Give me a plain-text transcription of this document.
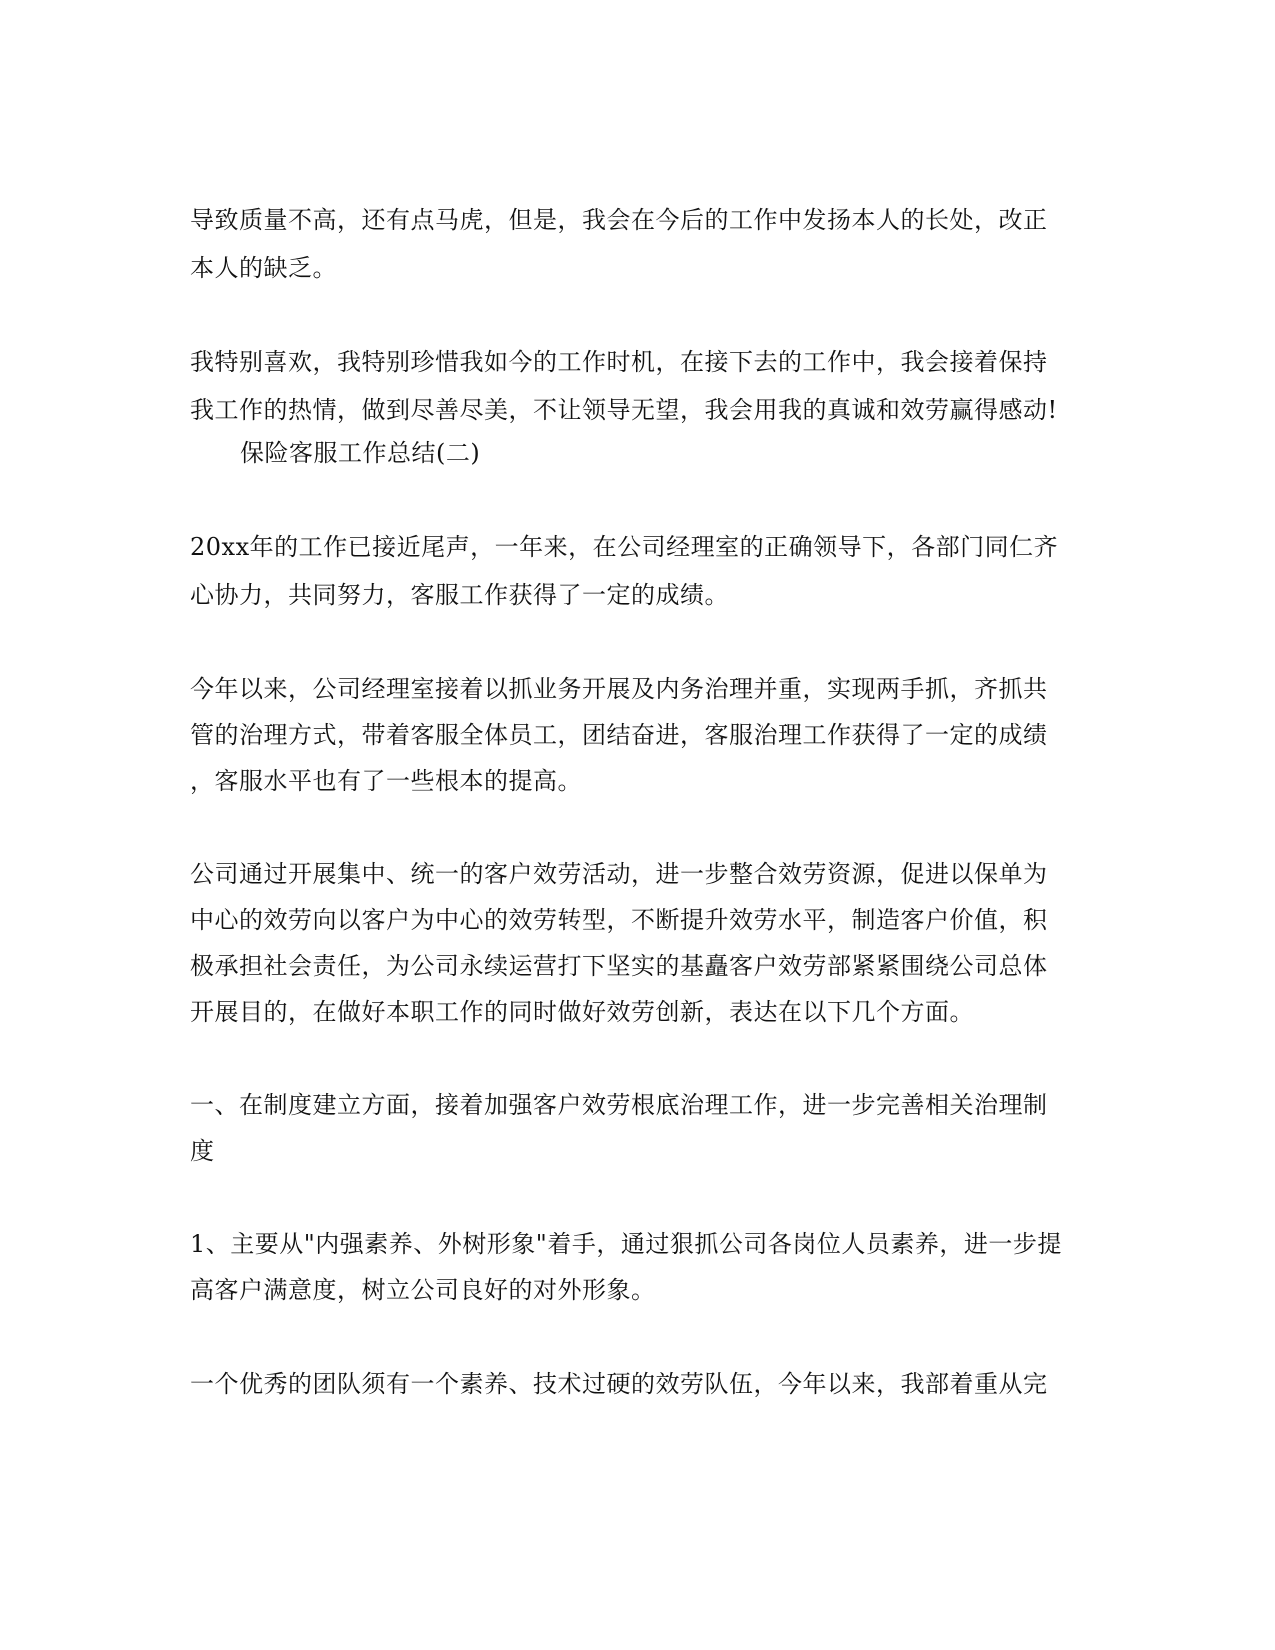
导致质量不高，还有点马虎，但是，我会在今后的工作中发扬本人的长处，改正
本人的缺乏。
我特别喜欢，我特别珍惜我如今的工作时机，在接下去的工作中，我会接着保持
我工作的热情，做到尽善尽美，不让领导无望，我会用我的真诚和效劳赢得感动!
保险客服工作总结(二)
20xx年的工作已接近尾声，一年来，在公司经理室的正确领导下，各部门同仁齐
心协力，共同努力，客服工作获得了一定的成绩。
今年以来，公司经理室接着以抓业务开展及内务治理并重，实现两手抓，齐抓共
管的治理方式，带着客服全体员工，团结奋进，客服治理工作获得了一定的成绩
，客服水平也有了一些根本的提高。
公司通过开展集中、统一的客户效劳活动，进一步整合效劳资源，促进以保单为
中心的效劳向以客户为中心的效劳转型，不断提升效劳水平，制造客户价值，积
极承担社会责任，为公司永续运营打下坚实的基矗客户效劳部紧紧围绕公司总体
开展目的，在做好本职工作的同时做好效劳创新，表达在以下几个方面。
一、在制度建立方面，接着加强客户效劳根底治理工作，进一步完善相关治理制
度
1、主要从"内强素养、外树形象"着手，通过狠抓公司各岗位人员素养，进一步提
高客户满意度，树立公司良好的对外形象。
一个优秀的团队须有一个素养、技术过硬的效劳队伍，今年以来，我部着重从完
